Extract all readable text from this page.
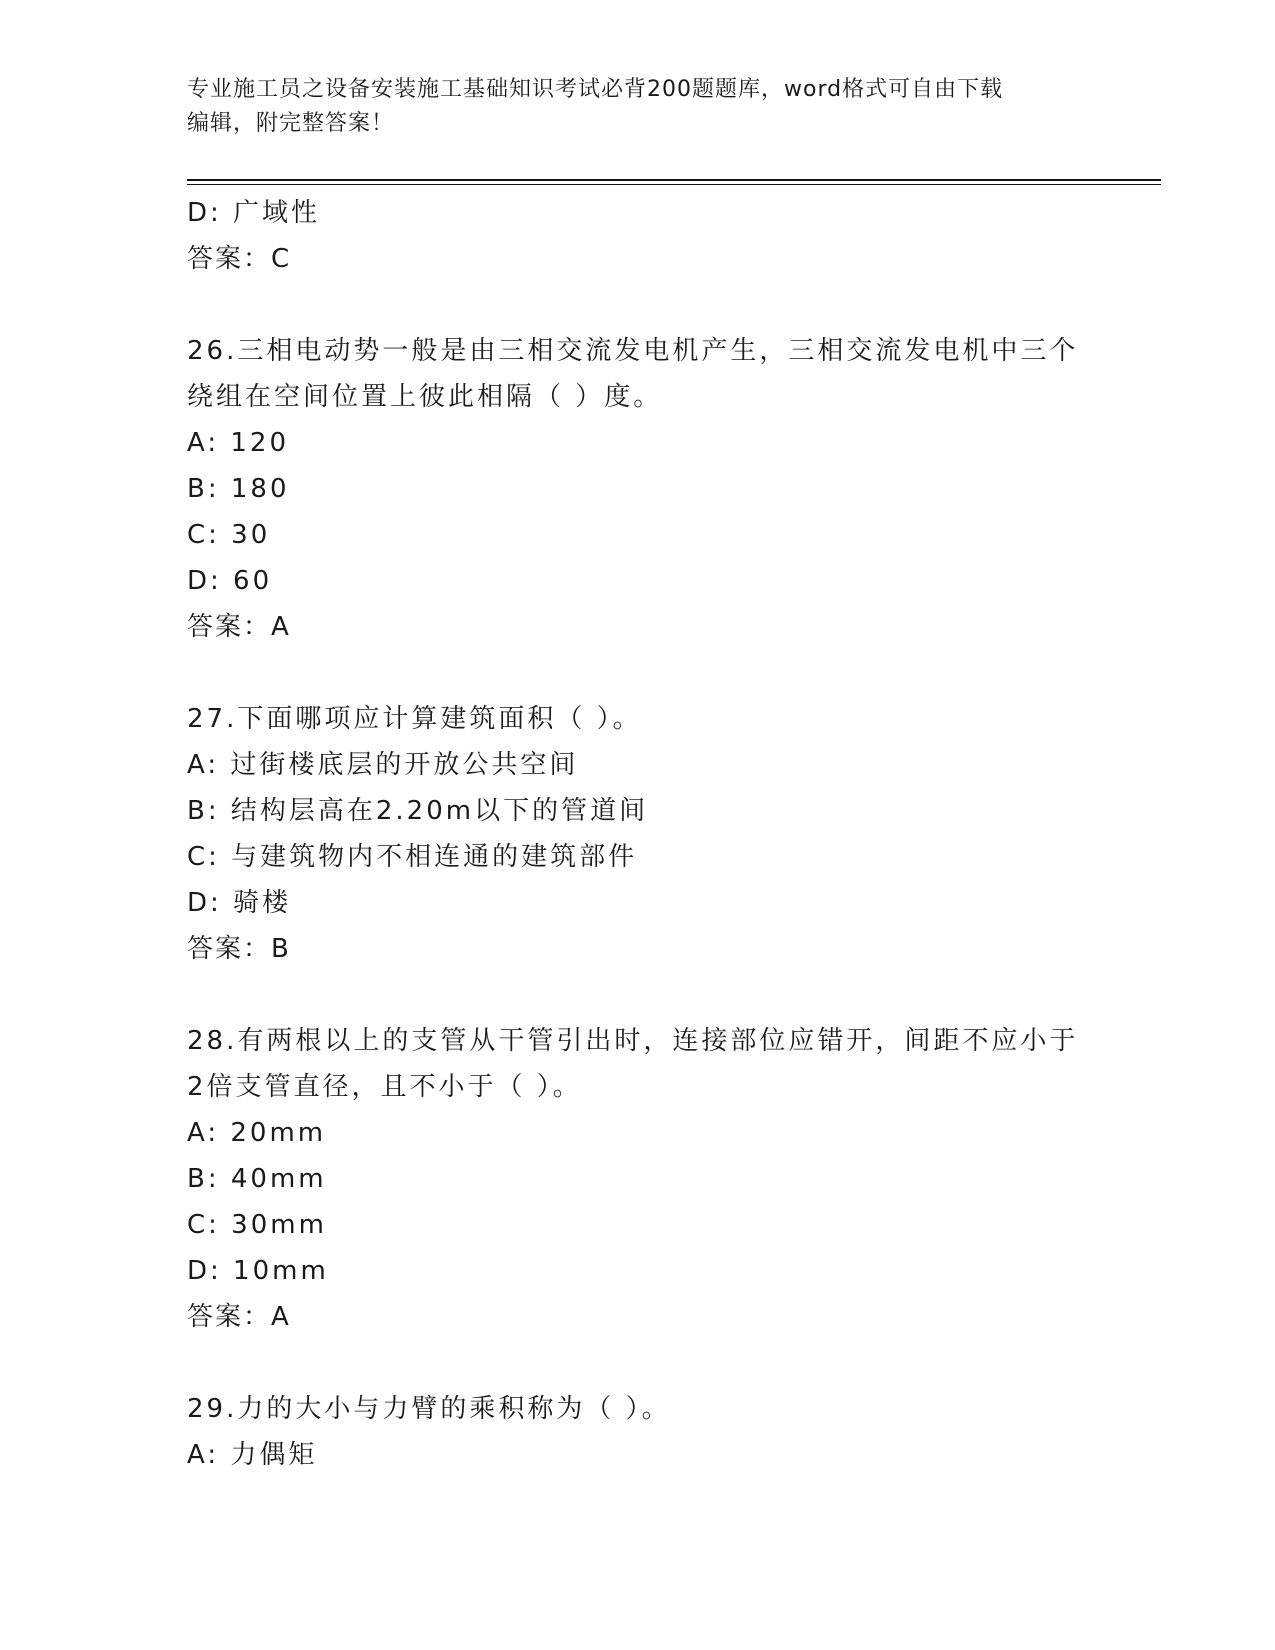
专业施工员之设备安装施工基础知识考试必背200题题库，word格式可自由下载
编辑，附完整答案！
D: 广域性
答案：C
26.三相电动势一般是由三相交流发电机产生，三相交流发电机中三个
绕组在空间位置上彼此相隔（ ）度。
A: 120
B: 180
C: 30
D: 60
答案：A
27.下面哪项应计算建筑面积（ ）。
A: 过街楼底层的开放公共空间
B: 结构层高在2.20m以下的管道间
C: 与建筑物内不相连通的建筑部件
D: 骑楼
答案：B
28.有两根以上的支管从干管引出时，连接部位应错开，间距不应小于
2倍支管直径，且不小于（ ）。
A: 20mm
B: 40mm
C: 30mm
D: 10mm
答案：A
29.力的大小与力臂的乘积称为（ ）。
A: 力偶矩
